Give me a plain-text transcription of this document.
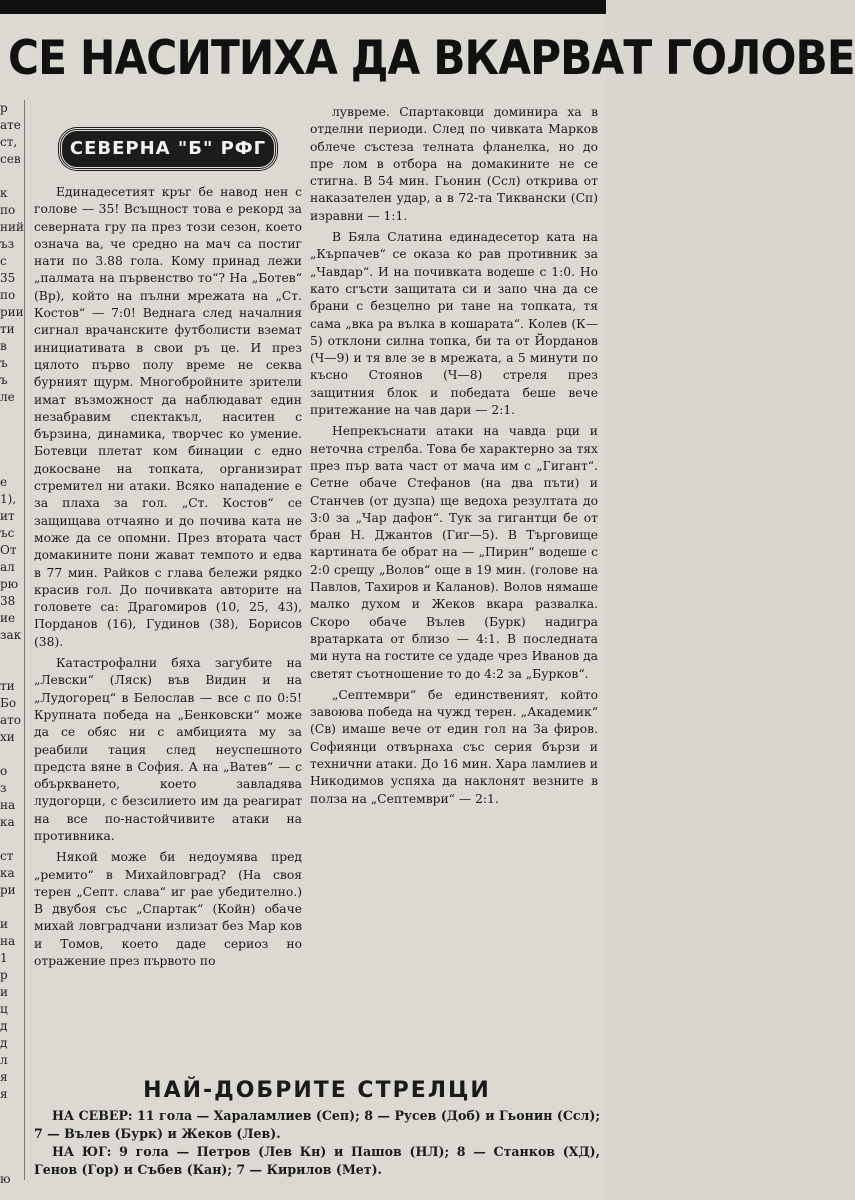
СЕ НАСИТИХА ДА ВКАРВАТ ГОЛОВЕ
р
ате
ст,
сев

к
по
ний
ъз
с
35
по
рии
ти
в
ъ
ъ
ле

е
1),
ит
ъс
От
ал
рю
38
ие
зак

ти
Бо
ато
хи

о
з
на
ка

ст
ка
ри

и
на
1
р
и
ц
д
д
л
я
я

ю
СЕВЕРНА "Б" РФГ

Единадесетият кръг бе навод нен с голове — 35! Всъщност това е рекорд за северната гру па през този сезон, което означа ва, че средно на мач са постиг нати по 3.88 гола. Кому принад лежи „палмата на първенство то“? На „Ботев“ (Вр), който на пълни мрежата на „Ст. Костов“ — 7:0! Веднага след началния сигнал врачанските футболисти вземат инициативата в свои ръ це. И през цялото първо полу време не секва бурният щурм. Многобройните зрители имат възможност да наблюдават един незабравим спектакъл, наситен с бързина, динамика, творчес ко умение. Ботевци плетат ком бинации с едно докосване на топката, организират стремител ни атаки. Всяко нападение е за плаха за гол. „Ст. Костов“ се защищава отчаяно и до почива ката не може да се опомни. През втората част домакините пони жават темпото и едва в 77 мин. Райков с глава бележи рядко красив гол. До почивката авторите на головете са: Драгомиров (10, 25, 43), Порданов (16), Гудинов (38), Борисов (38).

Катастрофални бяха загубите на „Левски“ (Ляск) във Видин и на „Лудогорец“ в Белослав — все с по 0:5! Крупната победа на „Бенковски“ може да се обяс ни с амбицията му за реабили тация след неуспешното предста вяне в София. А на „Ватев“ — с объркването, което завладява лудогорци, с безсилието им да реагират на все по-настойчивите атаки на противника.

Някой може би недоумява пред „ремито“ в Михайловград? (На своя терен „Септ. слава“ иг рае убедително.) В двубоя със „Спартак“ (Койн) обаче михай ловградчани излизат без Мар ков и Томов, което даде сериоз но отражение през първото по

лувреме. Спартаковци доминира ха в отделни периоди. След по чивката Марков облече състеза телната фланелка, но до пре лом в отбора на домакините не се стигна. В 54 мин. Гьонин (Ссл) открива от наказателен удар, а в 72-та Тиквански (Сп) изравни — 1:1.

В Бяла Слатина единадесетор ката на „Кърпачев“ се оказа ко рав противник за „Чавдар“. И на почивката водеше с 1:0. Но като сгъсти защитата си и запо чна да се брани с безцелно ри тане на топката, тя сама „вка ра вълка в кошарата“. Колев (К—5) отклони силна топка, би та от Йорданов (Ч—9) и тя вле зе в мрежата, а 5 минути по късно Стоянов (Ч—8) стреля през защитния блок и победата беше вече притежание на чав дари — 2:1.

Непрекъснати атаки на чавда рци и неточна стрелба. Това бе характерно за тях през пър вата част от мача им с „Гигант“. Сетне обаче Стефанов (на два пъти) и Станчев (от дузпа) ще ведоха резултата до 3:0 за „Чар дафон“. Тук за гигантци бе от бран Н. Джантов (Гиг—5). В Търговище картината бе обрат на — „Пирин“ водеше с 2:0 срещу „Волов“ още в 19 мин. (голове на Павлов, Тахиров и Каланов). Волов нямаше малко духом и Жеков вкара развалка. Скоро обаче Вълев (Бурк) надигра вратарката от близо — 4:1. В последната ми нута на гостите се удаде чрез Иванов да светят съотношение то до 4:2 за „Бурков“.

„Септември“ бе единственият, който завоюва победа на чужд терен. „Академик“ (Св) имаше вече от един гол на За фиров. Софиянци отвърнаха със серия бързи и технични атаки. До 16 мин. Хара ламлиев и Никодимов успяха да наклонят везните в полза на „Септември“ — 2:1.

НАЙ-ДОБРИТЕ СТРЕЛЦИ
НА СЕВЕР: 11 гола — Хараламлиев (Сеп); 8 — Русев (Доб) и Гьонин (Ссл); 7 — Вълев (Бурк) и Жеков (Лев).
НА ЮГ: 9 гола — Петров (Лев Кн) и Пашов (НЛ); 8 — Станков (ХД), Генов (Гор) и Събев (Кан); 7 — Кирилов (Мет).
